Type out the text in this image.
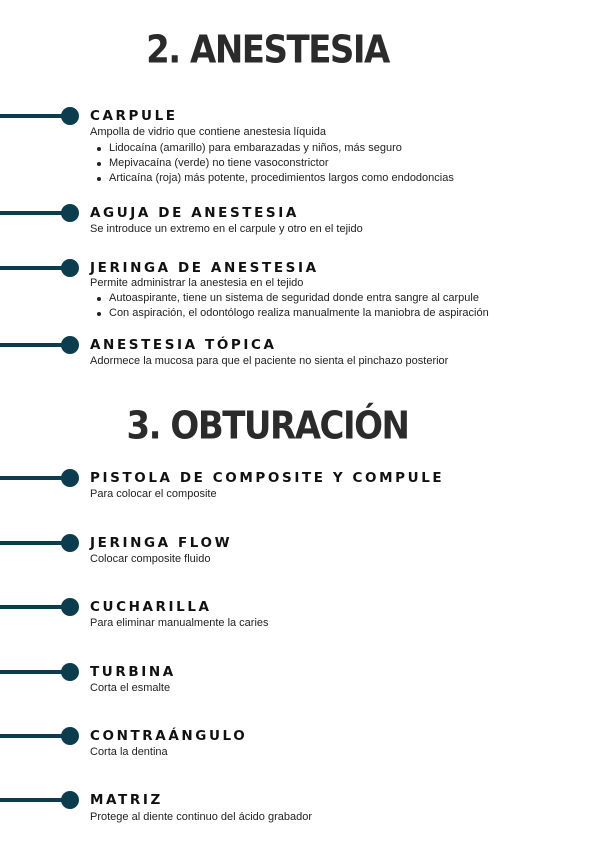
2. ANESTESIA
CARPULE

Ampolla de vidrio que contiene anestesia líquida

Lidocaína (amarillo) para embarazadas y niños, más seguro
Mepivacaína (verde) no tiene vasoconstrictor
Articaína (roja) más potente, procedimientos largos como endodoncias
AGUJA DE ANESTESIA

Se introduce un extremo en el carpule y otro en el tejido

JERINGA DE ANESTESIA

Permite administrar la anestesia en el tejido

Autoaspirante, tiene un sistema de seguridad donde entra sangre al carpule
Con aspiración, el odontólogo realiza manualmente la maniobra de aspiración
ANESTESIA TÓPICA

Adormece la mucosa para que el paciente no sienta el pinchazo posterior

3. OBTURACIÓN
PISTOLA DE COMPOSITE Y COMPULE

Para colocar el composite

JERINGA FLOW

Colocar composite fluido

CUCHARILLA

Para eliminar manualmente la caries

TURBINA

Corta el esmalte

CONTRAÁNGULO

Corta la dentina

MATRIZ

Protege al diente continuo del ácido grabador
